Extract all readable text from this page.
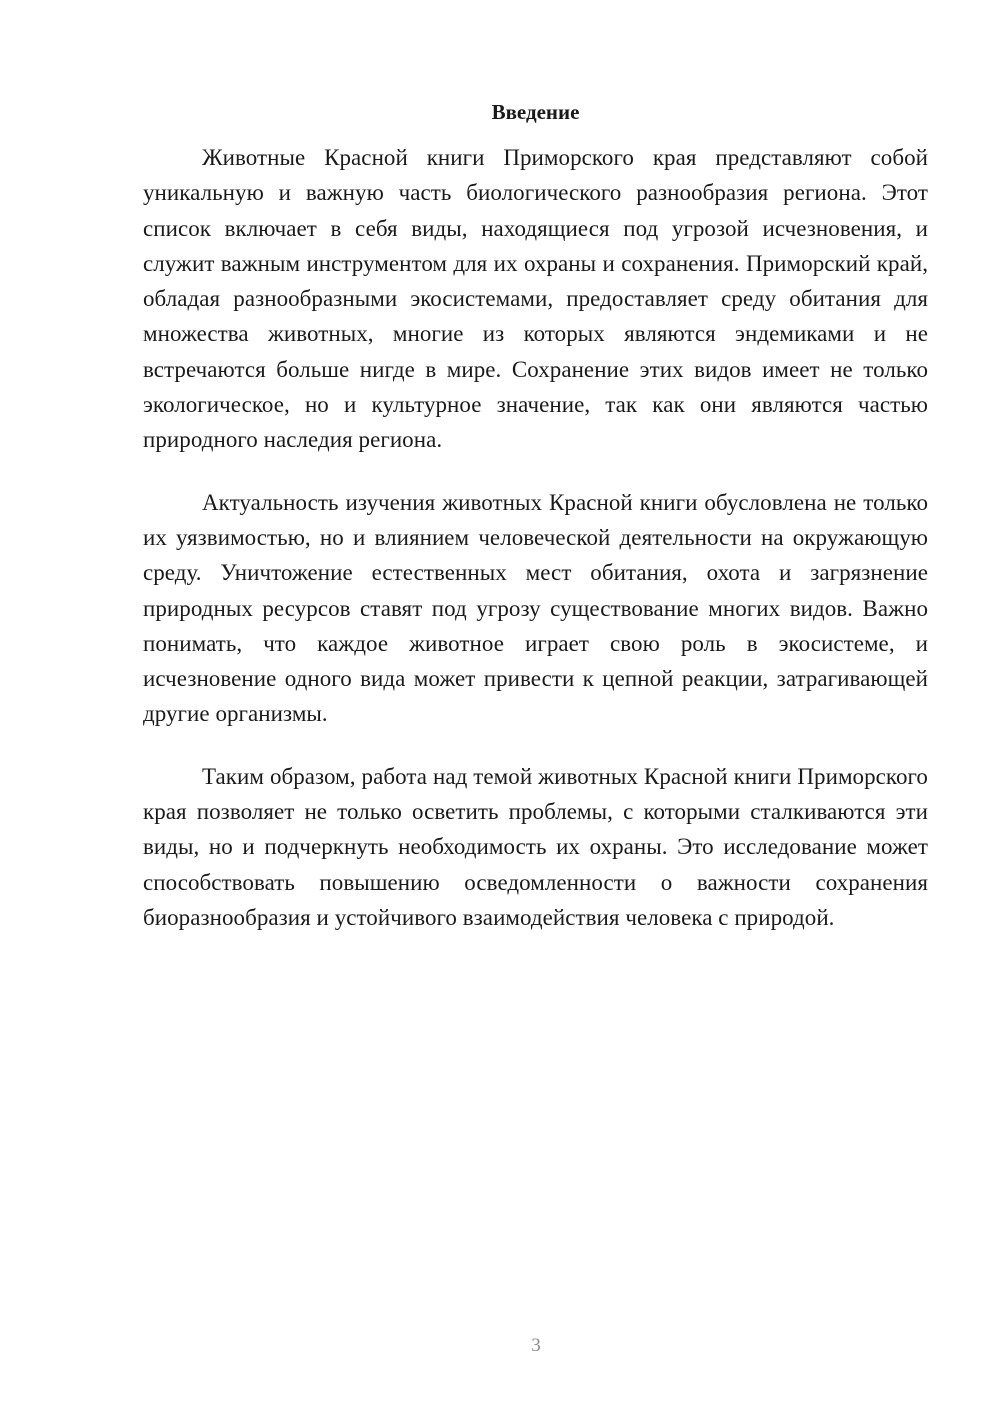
Введение

Животные Красной книги Приморского края представляют собой уникальную и важную часть биологического разнообразия региона. Этот список включает в себя виды, находящиеся под угрозой исчезновения, и служит важным инструментом для их охраны и сохранения. Приморский край, обладая разнообразными экосистемами, предоставляет среду обитания для множества животных, многие из которых являются эндемиками и не встречаются больше нигде в мире. Сохранение этих видов имеет не только экологическое, но и культурное значение, так как они являются частью природного наследия региона.

Актуальность изучения животных Красной книги обусловлена не только их уязвимостью, но и влиянием человеческой деятельности на окружающую среду. Уничтожение естественных мест обитания, охота и загрязнение природных ресурсов ставят под угрозу существование многих видов. Важно понимать, что каждое животное играет свою роль в экосистеме, и исчезновение одного вида может привести к цепной реакции, затрагивающей другие организмы.

Таким образом, работа над темой животных Красной книги Приморского края позволяет не только осветить проблемы, с которыми сталкиваются эти виды, но и подчеркнуть необходимость их охраны. Это исследование может способствовать повышению осведомленности о важности сохранения биоразнообразия и устойчивого взаимодействия человека с природой.

3
